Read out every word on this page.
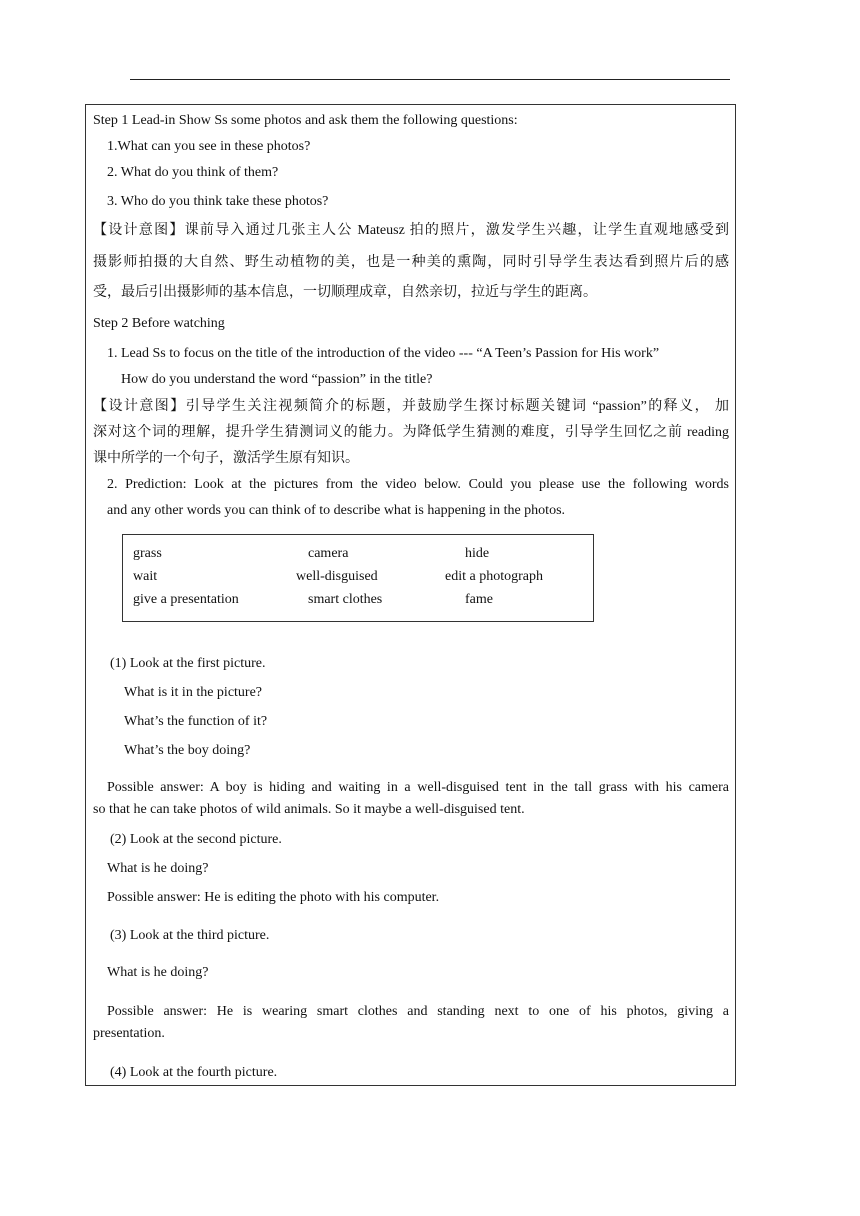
Step 1 Lead-in Show Ss some photos and ask them the following questions:
1.What can you see in these photos?
2. What do you think of them?
3. Who do you think take these photos?
【设计意图】课前导入通过几张主人公 Mateusz 拍的照片，激发学生兴趣，让学生直观地感受到
摄影师拍摄的大自然、野生动植物的美，也是一种美的熏陶，同时引导学生表达看到照片后的感
受，最后引出摄影师的基本信息，一切顺理成章，自然亲切，拉近与学生的距离。
Step 2 Before watching
1. Lead Ss to focus on the title of the introduction of the video --- “A Teen’s Passion for His work”
How do you understand the word “passion” in the title?
【设计意图】引导学生关注视频简介的标题，并鼓励学生探讨标题关键词 “passion”的释义， 加
深对这个词的理解，提升学生猜测词义的能力。为降低学生猜测的难度，引导学生回忆之前 reading
课中所学的一个句子，激活学生原有知识。
2. Prediction: Look at the pictures from the video below. Could you please use the following words
and any other words you can think of to describe what is happening in the photos.
grass	camera	hide
wait	well-disguised	edit a photograph
give a presentation	smart clothes	fame
(1) Look at the first picture.
What is it in the picture?
What’s the function of it?
What’s the boy doing?
Possible answer: A boy is hiding and waiting in a well-disguised tent in the tall grass with his camera
so that he can take photos of wild animals. So it maybe a well-disguised tent.
(2) Look at the second picture.
What is he doing?
Possible answer: He is editing the photo with his computer.
(3) Look at the third picture.
What is he doing?
Possible answer: He is wearing smart clothes and standing next to one of his photos, giving a
presentation.
(4) Look at the fourth picture.
